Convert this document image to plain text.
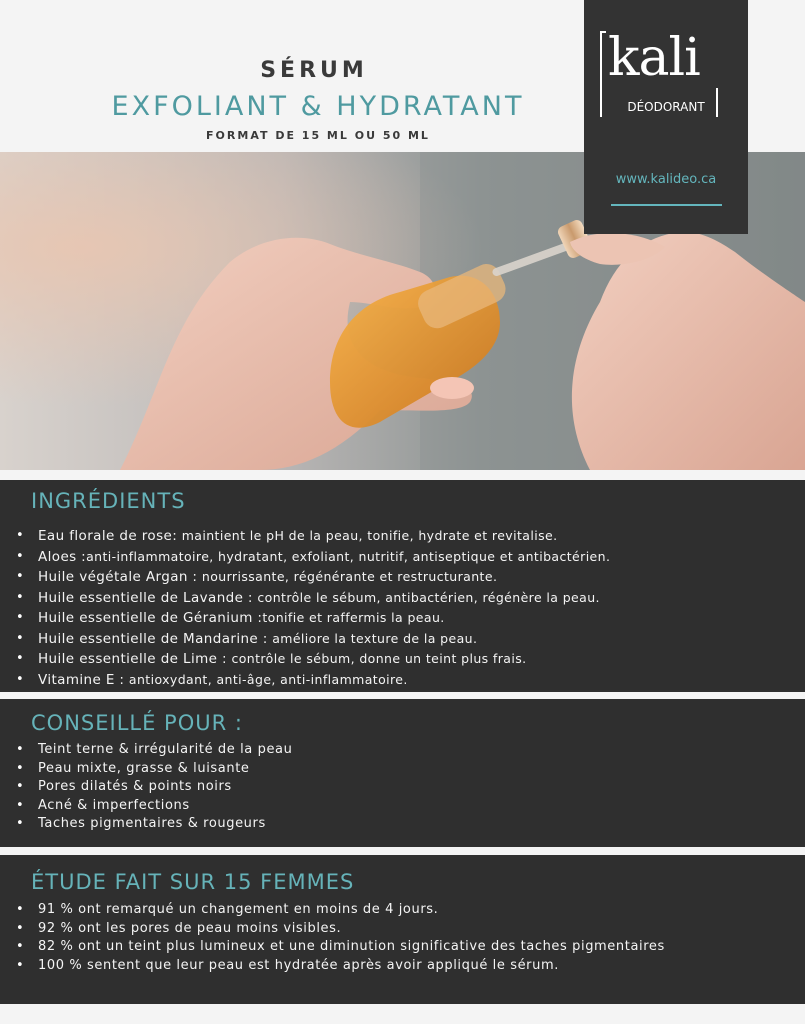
SÉRUM
EXFOLIANT & HYDRATANT
FORMAT DE 15 ML OU 50 ML
kali
DÉODORANT
www.kalideo.ca
INGRÉDIENTS
• Eau florale de rose: maintient le pH de la peau, tonifie, hydrate et revitalise.
• Aloes :anti-inflammatoire, hydratant, exfoliant, nutritif, antiseptique et antibactérien.
• Huile végétale Argan : nourrissante, régénérante et restructurante.
• Huile essentielle de Lavande : contrôle le sébum, antibactérien, régénère la peau.
• Huile essentielle de Géranium :tonifie et raffermis la peau.
• Huile essentielle de Mandarine : améliore la texture de la peau.
• Huile essentielle de Lime : contrôle le sébum, donne un teint plus frais.
• Vitamine E : antioxydant, anti-âge, anti-inflammatoire.
CONSEILLÉ POUR :
• Teint terne & irrégularité de la peau
• Peau mixte, grasse & luisante
• Pores dilatés & points noirs
• Acné & imperfections
• Taches pigmentaires & rougeurs
ÉTUDE FAIT SUR 15 FEMMES
• 91 % ont remarqué un changement en moins de 4 jours.
• 92 % ont les pores de peau moins visibles.
• 82 % ont un teint plus lumineux et une diminution significative des taches pigmentaires
• 100 % sentent que leur peau est hydratée après avoir appliqué le sérum.
